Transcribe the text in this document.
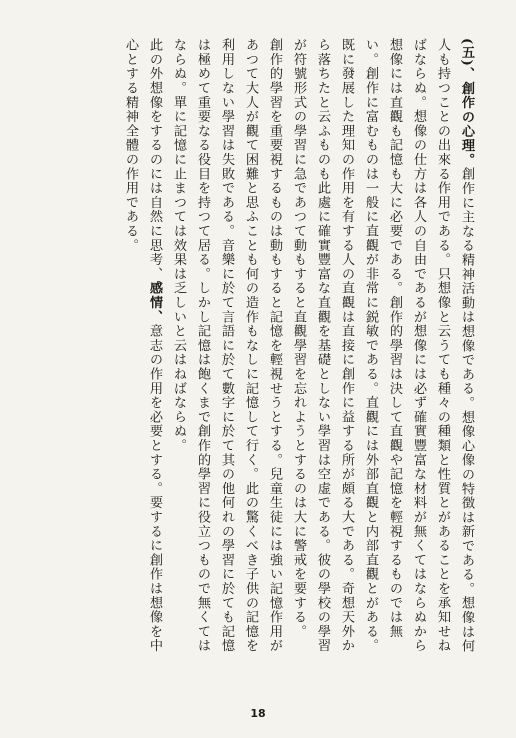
(五)、創作の心理。創作に主なる精神活動は想像である。想像心像の特徴は新である。想像は何人も持つことの出來る作用である。只想像と云うても種々の種類と性質とがあることを承知せねばならぬ。想像の仕方は各人の自由であるが想像には必ず確實豐富な材料が無くてはならぬから想像には直觀も記憶も大に必要である。創作的學習は決して直觀や記憶を輕視するものでは無い。創作に富むものは一般に直觀が非常に鋭敏である。直觀には外部直觀と内部直觀とがある。既に發展した理知の作用を有する人の直觀は直接に創作に益する所が頗る大である。奇想天外から落ちたと云ふものも此處に確實豐富な直觀を基礎としない學習は空虚である。彼の學校の學習が符號形式の學習に急であつて動もすると直觀學習を忘れようとするのは大に警戒を要する。

創作的學習を重要視するものは動もすると記憶を輕視せうとする。兒童生徒には強い記憶作用があつて大人が觀て困難と思ふことも何の造作もなしに記憶して行く。此の驚くべき子供の記憶を利用しない學習は失敗である。音樂に於て言語に於て數字に於て其の他何れの學習に於ても記憶は極めて重要なる役目を持つて居る。しかし記憶は飽くまで創作的學習に役立つもので無くてはならぬ。單に記憶に止まつては效果は乏しいと云はねばならぬ。

此の外想像をするのには自然に思考、感情、意志の作用を必要とする。要するに創作は想像を中心とする精神全體の作用である。

18
